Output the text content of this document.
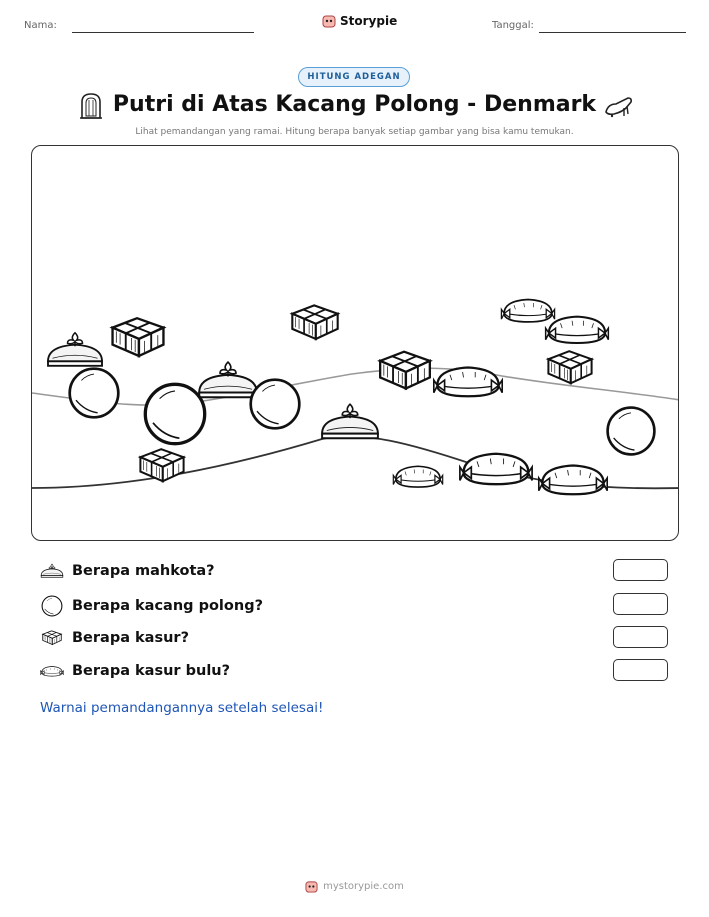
Nama:	Storypie	Tanggal:
HITUNG ADEGAN
Putri di Atas Kacang Polong - Denmark
Lihat pemandangan yang ramai. Hitung berapa banyak setiap gambar yang bisa kamu temukan.
Berapa mahkota?
Berapa kacang polong?
Berapa kasur?
Berapa kasur bulu?
Warnai pemandangannya setelah selesai!
mystorypie.com
